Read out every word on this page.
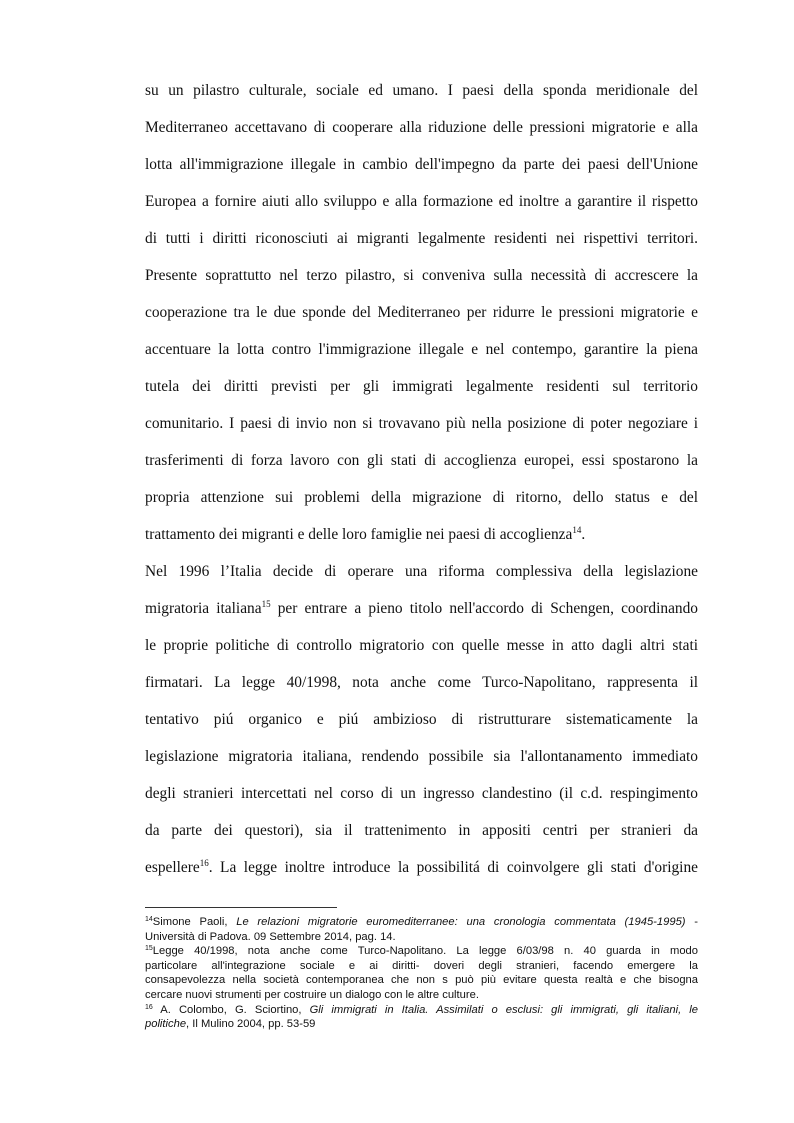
su un pilastro culturale, sociale ed umano. I paesi della sponda meridionale del
Mediterraneo accettavano di cooperare alla riduzione delle pressioni migratorie e alla
lotta all'immigrazione illegale in cambio dell'impegno da parte dei paesi dell'Unione
Europea a fornire aiuti allo sviluppo e alla formazione ed inoltre a garantire il rispetto
di tutti i diritti riconosciuti ai migranti legalmente residenti nei rispettivi territori.
Presente soprattutto nel terzo pilastro, si conveniva sulla necessità di accrescere la
cooperazione tra le due sponde del Mediterraneo per ridurre le pressioni migratorie e
accentuare la lotta contro l'immigrazione illegale e nel contempo, garantire la piena
tutela dei diritti previsti per gli immigrati legalmente residenti sul territorio
comunitario. I paesi di invio non si trovavano più nella posizione di poter negoziare i
trasferimenti di forza lavoro con gli stati di accoglienza europei, essi spostarono la
propria attenzione sui problemi della migrazione di ritorno, dello status e del
trattamento dei migranti e delle loro famiglie nei paesi di accoglienza$^{14}$.
Nel 1996 l’Italia decide di operare una riforma complessiva della legislazione
migratoria italiana$^{15}$ per entrare a pieno titolo nell'accordo di Schengen, coordinando
le proprie politiche di controllo migratorio con quelle messe in atto dagli altri stati
firmatari. La legge 40/1998, nota anche come Turco-Napolitano, rappresenta il
tentativo piú organico e piú ambizioso di ristrutturare sistematicamente la
legislazione migratoria italiana, rendendo possibile sia l'allontanamento immediato
degli stranieri intercettati nel corso di un ingresso clandestino (il c.d. respingimento
da parte dei questori), sia il trattenimento in appositi centri per stranieri da
espellere$^{16}$. La legge inoltre introduce la possibilitá di coinvolgere gli stati d'origine
$^{14}$Simone Paoli, Le relazioni migratorie euromediterranee: una cronologia commentata (1945-1995) -
Università di Padova. 09 Settembre 2014, pag. 14.
$^{15}$Legge 40/1998, nota anche come Turco-Napolitano. La legge 6/03/98 n. 40 guarda in modo
particolare all'integrazione sociale e ai diritti- doveri degli stranieri, facendo emergere la
consapevolezza nella società contemporanea che non s può più evitare questa realtà e che bisogna
cercare nuovi strumenti per costruire un dialogo con le altre culture.
$^{16}$ A. Colombo, G. Sciortino, Gli immigrati in Italia. Assimilati o esclusi: gli immigrati, gli italiani, le
politiche, Il Mulino 2004, pp. 53-59
